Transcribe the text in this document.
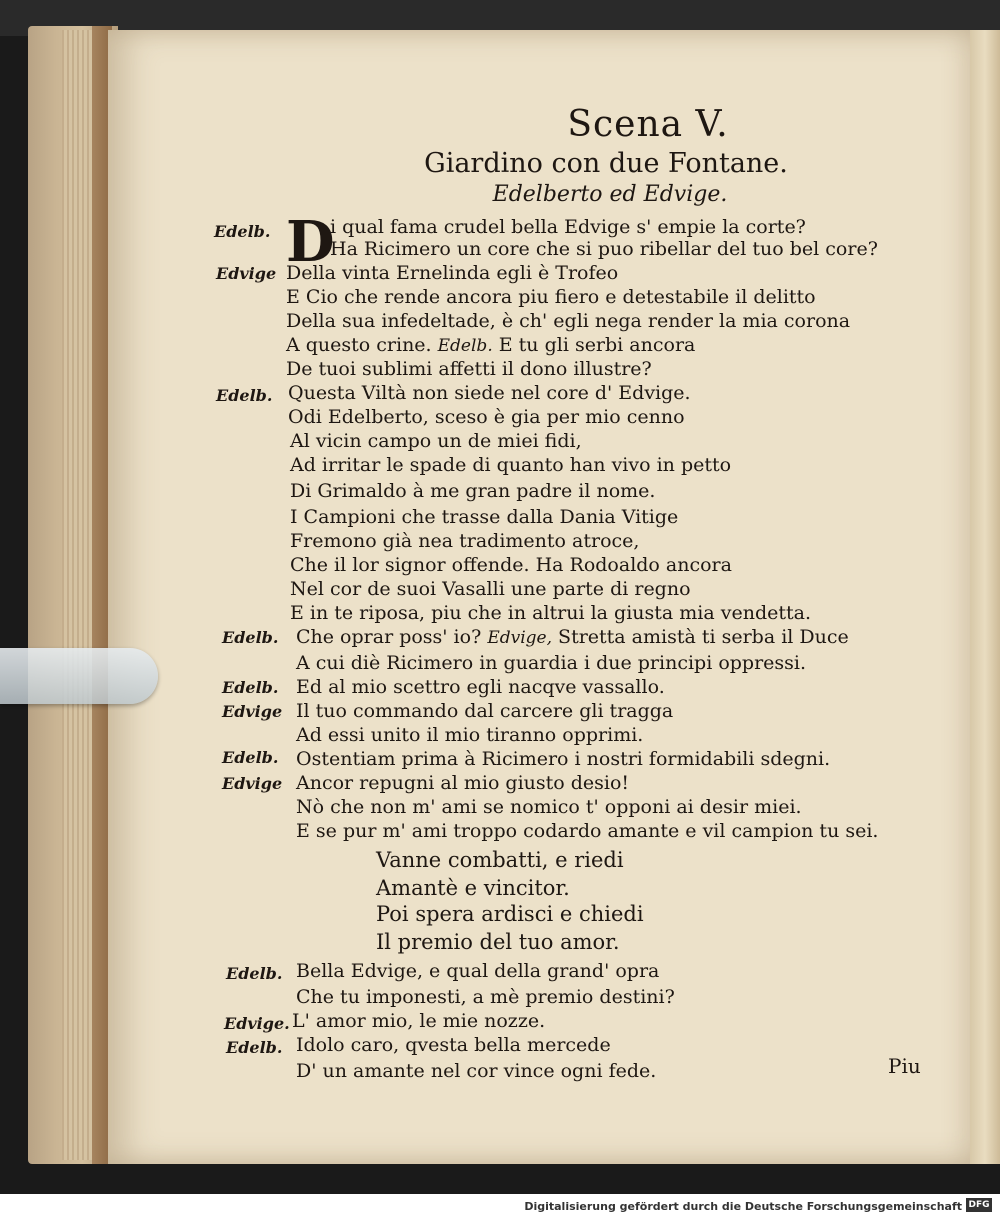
Scena V.
Giardino con due Fontane.
Edelberto ed Edvige.
D
Edelb.	i qual fama crudel bella Edvige s' empie la corte?
Ha Ricimero un core che si puo ribellar del tuo bel core?
Edvige Della vinta Ernelinda egli è Trofeo
E Cio che rende ancora piu fiero e detestabile il delitto
Della sua infedeltade, è ch' egli nega render la mia corona
A questo crine. Edelb. E tu gli serbi ancora
De tuoi sublimi affetti il dono illustre?
Edelb. Questa Viltà non siede nel core d' Edvige.
Odi Edelberto, sceso è gia per mio cenno
Al vicin campo un de miei fidi,
Ad irritar le spade di quanto han vivo in petto
Di Grimaldo à me gran padre il nome.
I Campioni che trasse dalla Dania Vitige
Fremono già nea tradimento atroce,
Che il lor signor offende. Ha Rodoaldo ancora
Nel cor de suoi Vasalli une parte di regno
E in te riposa, piu che in altrui la giusta mia vendetta.
Edelb. Che oprar poss' io? Edvige, Stretta amistà ti serba il Duce
A cui diè Ricimero in guardia i due principi oppressi.
Edelb. Ed al mio scettro egli nacqve vassallo.
Edvige Il tuo commando dal carcere gli tragga
Ad essi unito il mio tiranno opprimi.
Edelb. Ostentiam prima à Ricimero i nostri formidabili sdegni.
Edvige Ancor repugni al mio giusto desio!
Nò che non m' ami se nomico t' opponi ai desir miei.
E se pur m' ami troppo codardo amante e vil campion tu sei.
Vanne combatti, e riedi
Amantè e vincitor.
Poi spera ardisci e chiedi
Il premio del tuo amor.
Edelb. Bella Edvige, e qual della grand' opra
Che tu imponesti, a mè premio destini?
Edvige. L' amor mio, le mie nozze.
Edelb. Idolo caro, qvesta bella mercede
D' un amante nel cor vince ogni fede.	Piu
Digitalisierung gefördert durch die Deutsche Forschungsgemeinschaft DFG
